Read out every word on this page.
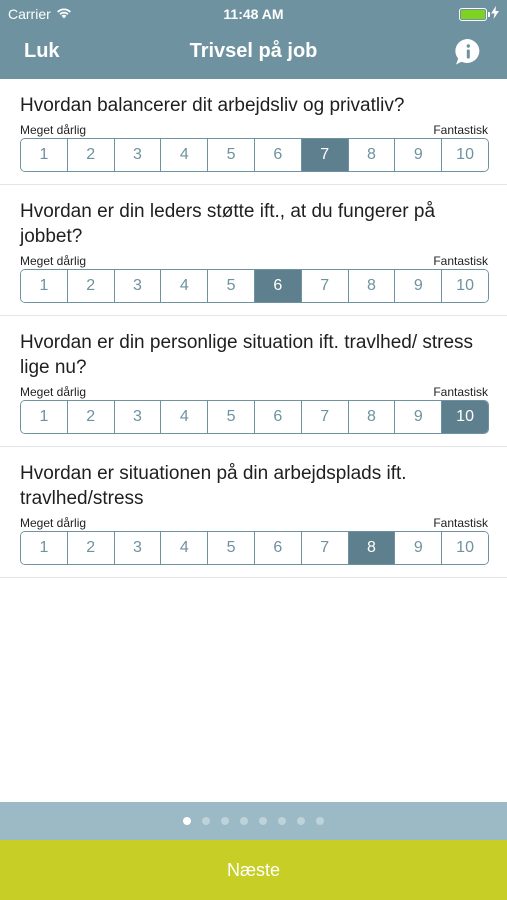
Carrier	11:48 AM
Luk	Trivsel på job
Hvordan balancerer dit arbejdsliv og privatliv?
Meget dårlig	Fantastisk
1	2	3	4	5	6	7	8	9	10
Hvordan er din leders støtte ift., at du fungerer på jobbet?
Meget dårlig	Fantastisk
1	2	3	4	5	6	7	8	9	10
Hvordan er din personlige situation ift. travlhed/ stress lige nu?
Meget dårlig	Fantastisk
1	2	3	4	5	6	7	8	9	10
Hvordan er situationen på din arbejdsplads ift. travlhed/stress
Meget dårlig	Fantastisk
1	2	3	4	5	6	7	8	9	10
Næste
